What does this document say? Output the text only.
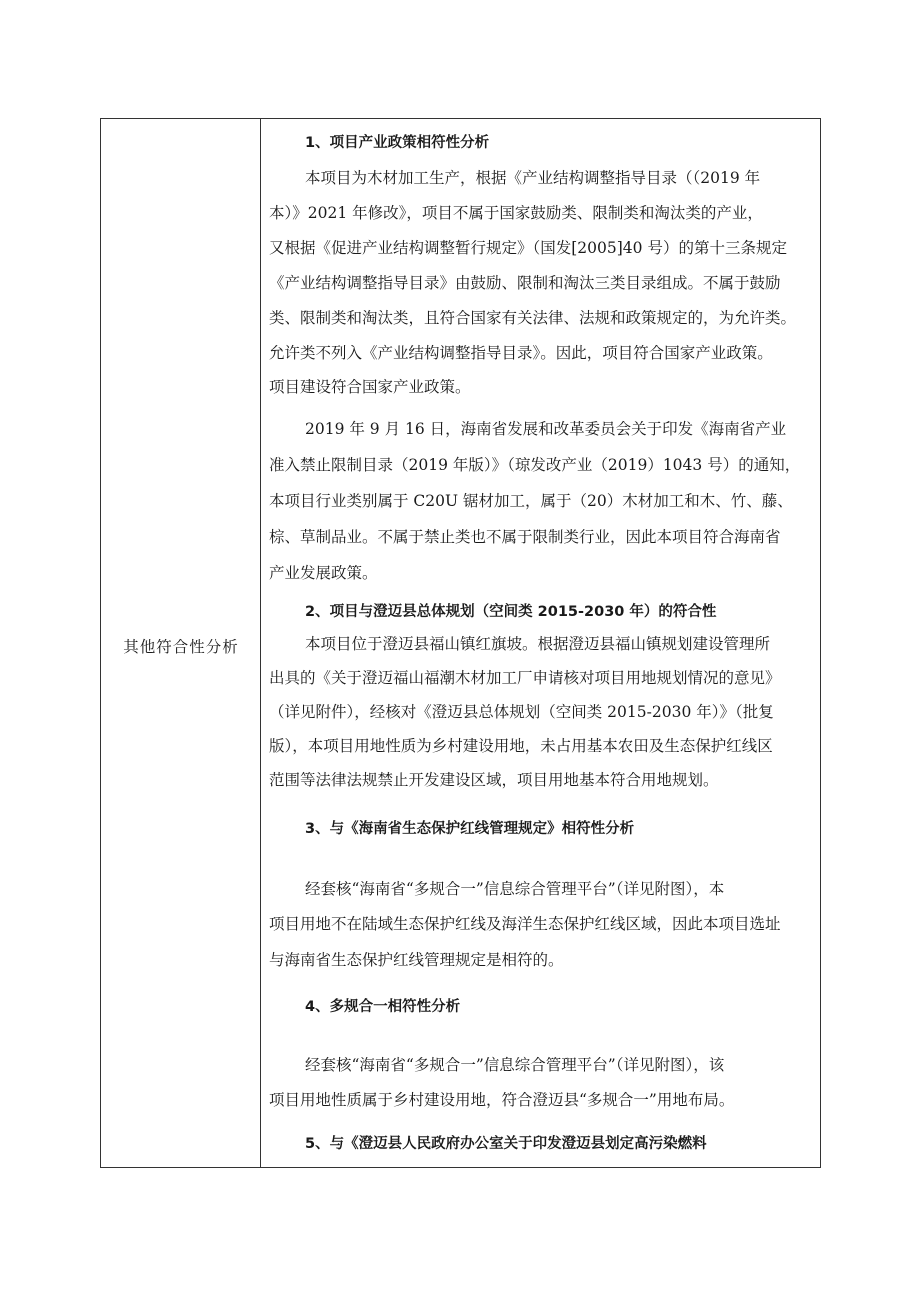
其他符合性分析
1、项目产业政策相符性分析
本项目为木材加工生产，根据《产业结构调整指导目录（（2019 年
本）》2021 年修改》，项目不属于国家鼓励类、限制类和淘汰类的产业，
又根据《促进产业结构调整暂行规定》（国发[2005]40 号）的第十三条规定
《产业结构调整指导目录》由鼓励、限制和淘汰三类目录组成。不属于鼓励
类、限制类和淘汰类，且符合国家有关法律、法规和政策规定的，为允许类。
允许类不列入《产业结构调整指导目录》。因此，项目符合国家产业政策。
项目建设符合国家产业政策。
2019 年 9 月 16 日，海南省发展和改革委员会关于印发《海南省产业
准入禁止限制目录（2019 年版）》（琼发改产业（2019）1043 号）的通知，
本项目行业类别属于 C20U 锯材加工，属于（20）木材加工和木、竹、藤、
棕、草制品业。不属于禁止类也不属于限制类行业，因此本项目符合海南省
产业发展政策。
2、项目与澄迈县总体规划（空间类 2015-2030 年）的符合性
本项目位于澄迈县福山镇红旗坡。根据澄迈县福山镇规划建设管理所
出具的《关于澄迈福山福潮木材加工厂申请核对项目用地规划情况的意见》
（详见附件），经核对《澄迈县总体规划（空间类 2015-2030 年）》（批复
版），本项目用地性质为乡村建设用地，未占用基本农田及生态保护红线区
范围等法律法规禁止开发建设区域，项目用地基本符合用地规划。
3、与《海南省生态保护红线管理规定》相符性分析
经套核“海南省“多规合一”信息综合管理平台”（详见附图），本
项目用地不在陆域生态保护红线及海洋生态保护红线区域，因此本项目选址
与海南省生态保护红线管理规定是相符的。
4、多规合一相符性分析
经套核“海南省“多规合一”信息综合管理平台”（详见附图），该
项目用地性质属于乡村建设用地，符合澄迈县“多规合一”用地布局。
5、与《澄迈县人民政府办公室关于印发澄迈县划定高污染燃料
